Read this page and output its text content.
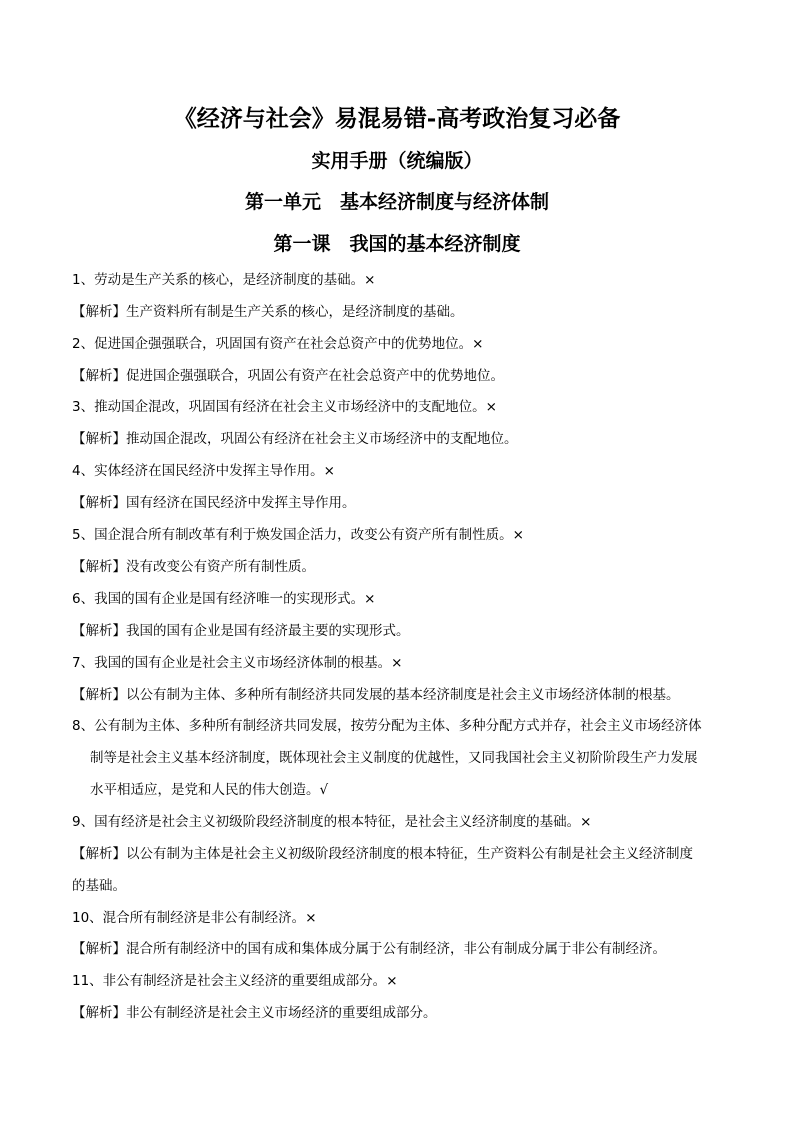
《经济与社会》易混易错-高考政治复习必备
实用手册（统编版）
第一单元　基本经济制度与经济体制
第一课　我国的基本经济制度
1、劳动是生产关系的核心，是经济制度的基础。×
【解析】生产资料所有制是生产关系的核心，是经济制度的基础。
2、促进国企强强联合，巩固国有资产在社会总资产中的优势地位。×
【解析】促进国企强强联合，巩固公有资产在社会总资产中的优势地位。
3、推动国企混改，巩固国有经济在社会主义市场经济中的支配地位。×
【解析】推动国企混改，巩固公有经济在社会主义市场经济中的支配地位。
4、实体经济在国民经济中发挥主导作用。×
【解析】国有经济在国民经济中发挥主导作用。
5、国企混合所有制改革有利于焕发国企活力，改变公有资产所有制性质。×
【解析】没有改变公有资产所有制性质。
6、我国的国有企业是国有经济唯一的实现形式。×
【解析】我国的国有企业是国有经济最主要的实现形式。
7、我国的国有企业是社会主义市场经济体制的根基。×
【解析】以公有制为主体、多种所有制经济共同发展的基本经济制度是社会主义市场经济体制的根基。
8、公有制为主体、多种所有制经济共同发展，按劳分配为主体、多种分配方式并存，社会主义市场经济体
制等是社会主义基本经济制度，既体现社会主义制度的优越性，又同我国社会主义初阶阶段生产力发展
水平相适应，是党和人民的伟大创造。√
9、国有经济是社会主义初级阶段经济制度的根本特征，是社会主义经济制度的基础。×
【解析】以公有制为主体是社会主义初级阶段经济制度的根本特征，生产资料公有制是社会主义经济制度
的基础。
10、混合所有制经济是非公有制经济。×
【解析】混合所有制经济中的国有成和集体成分属于公有制经济，非公有制成分属于非公有制经济。
11、非公有制经济是社会主义经济的重要组成部分。×
【解析】非公有制经济是社会主义市场经济的重要组成部分。
